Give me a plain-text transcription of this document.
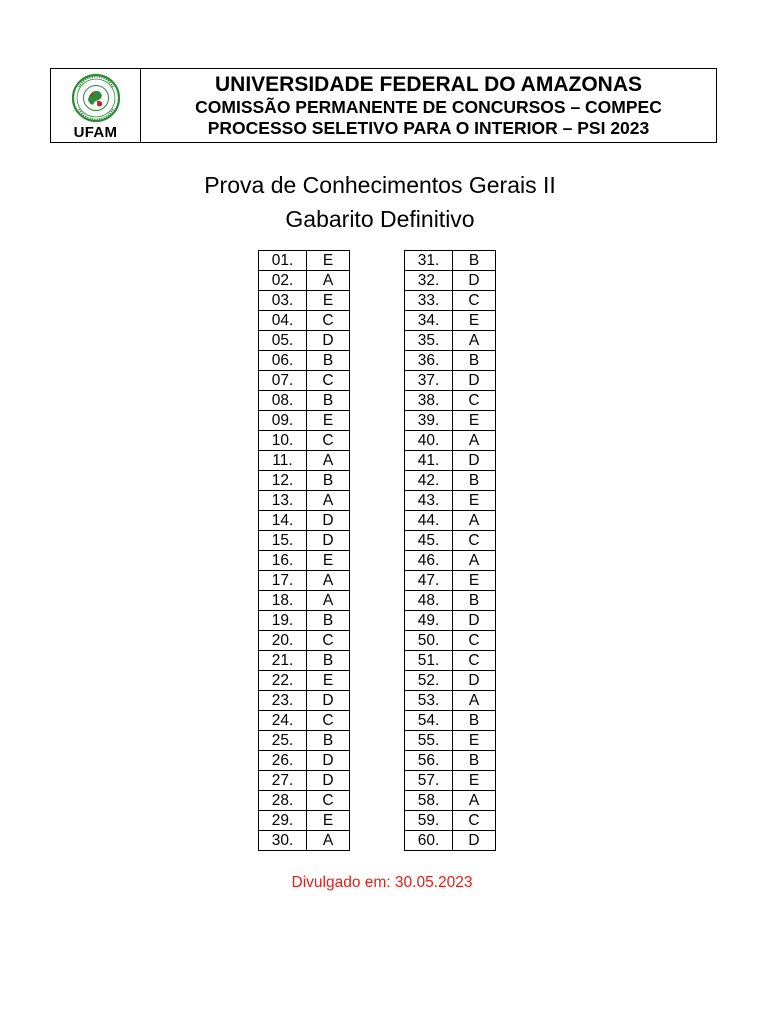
UFAM
UNIVERSIDADE FEDERAL DO AMAZONAS
COMISSÃO PERMANENTE DE CONCURSOS – COMPEC
PROCESSO SELETIVO PARA O INTERIOR – PSI 2023
Prova de Conhecimentos Gerais II
Gabarito Definitivo
01.	E
02.	A
03.	E
04.	C
05.	D
06.	B
07.	C
08.	B
09.	E
10.	C
11.	A
12.	B
13.	A
14.	D
15.	D
16.	E
17.	A
18.	A
19.	B
20.	C
21.	B
22.	E
23.	D
24.	C
25.	B
26.	D
27.	D
28.	C
29.	E
30.	A
31.	B
32.	D
33.	C
34.	E
35.	A
36.	B
37.	D
38.	C
39.	E
40.	A
41.	D
42.	B
43.	E
44.	A
45.	C
46.	A
47.	E
48.	B
49.	D
50.	C
51.	C
52.	D
53.	A
54.	B
55.	E
56.	B
57.	E
58.	A
59.	C
60.	D
Divulgado em: 30.05.2023
